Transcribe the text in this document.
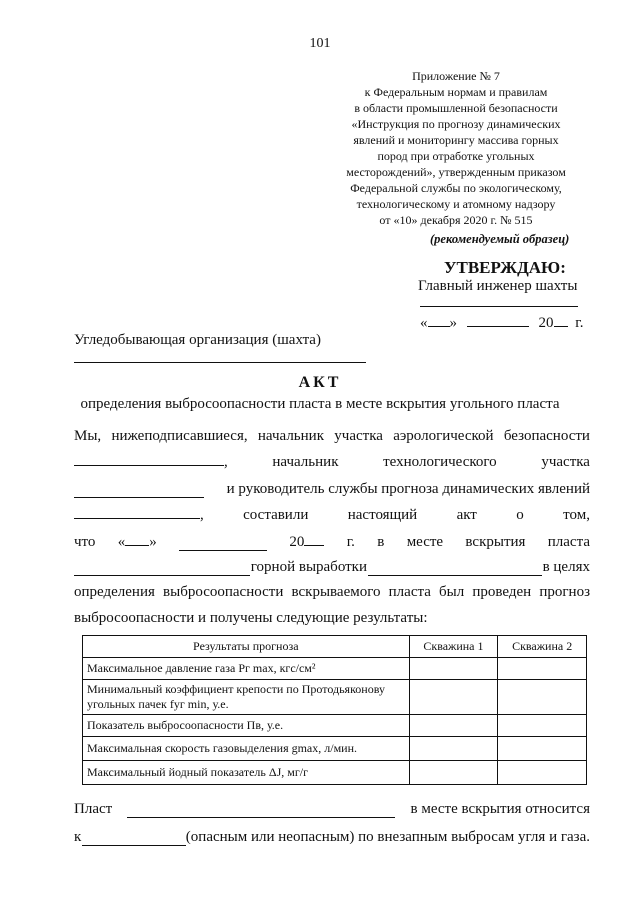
101
Приложение № 7
к Федеральным нормам и правилам
в области промышленной безопасности
«Инструкция по прогнозу динамических
явлений и мониторингу массива горных
пород при отработке угольных
месторождений», утвержденным приказом
Федеральной службы по экологическому,
технологическому и атомному надзору
от «10» декабря 2020 г. № 515
(рекомендуемый образец)
УТВЕРЖДАЮ:
Главный инженер шахты
« »	20 г.
Угледобывающая организация (шахта)
АКТ
определения выбросоопасности пласта в месте вскрытия угольного пласта
Мы, нижеподписавшиеся, начальник участка аэрологической безопасности
,	начальник	технологического	участка
и руководитель службы прогноза динамических явлений
,	составили	настоящий	акт	о	том,
что « »	20	г. в месте вскрытия пласта
горной выработки	в целях
определения выбросоопасности вскрываемого пласта был проведен прогноз
выбросоопасности и получены следующие результаты:
Результаты прогноза	Скважина 1	Скважина 2
Максимальное давление газа Pг max, кгс/см²		
Минимальный коэффициент крепости по Протодьяконову угольных пачек fуг min, у.е.		
Показатель выбросоопасности Пв, у.е.		
Максимальная скорость газовыделения gmax, л/мин.		
Максимальный йодный показатель ΔJ, мг/г		
Пласт	в месте вскрытия относится
к	(опасным или неопасным) по внезапным выбросам угля и газа.
